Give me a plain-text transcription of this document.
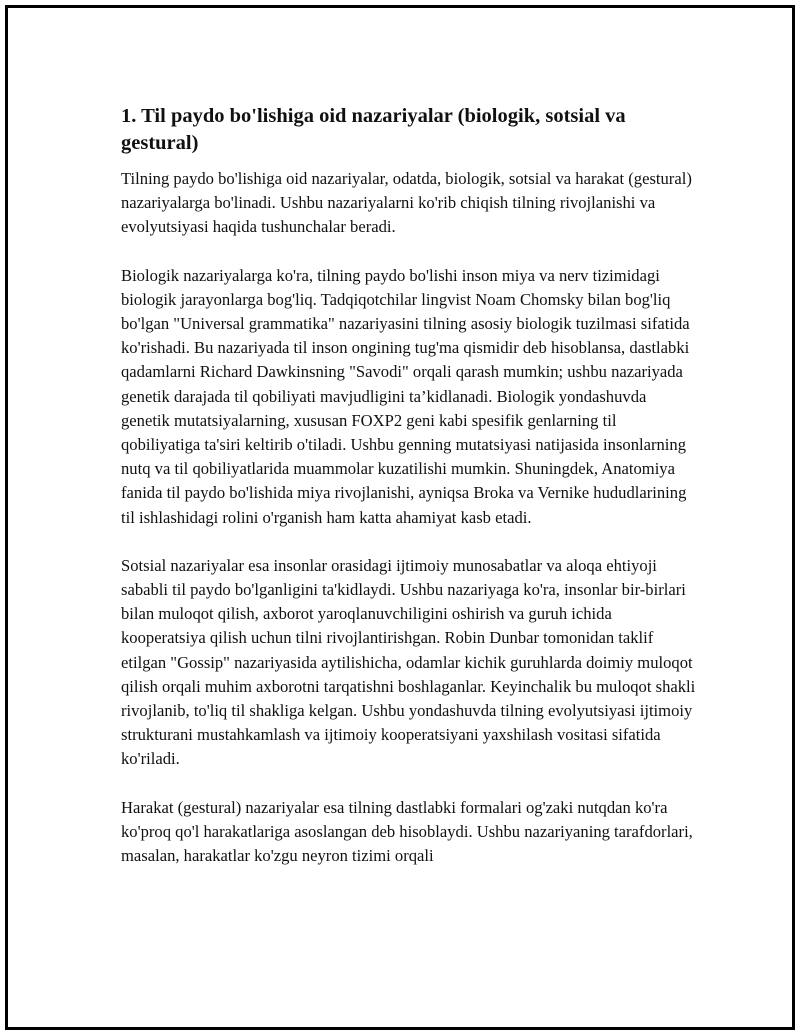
1. Til paydo bo'lishiga oid nazariyalar (biologik, sotsial va gestural)

Tilning paydo bo'lishiga oid nazariyalar, odatda, biologik, sotsial va harakat (gestural) nazariyalarga bo'linadi. Ushbu nazariyalarni ko'rib chiqish tilning rivojlanishi va evolyutsiyasi haqida tushunchalar beradi.

Biologik nazariyalarga ko'ra, tilning paydo bo'lishi inson miya va nerv tizimidagi biologik jarayonlarga bog'liq. Tadqiqotchilar lingvist Noam Chomsky bilan bog'liq bo'lgan "Universal grammatika" nazariyasini tilning asosiy biologik tuzilmasi sifatida ko'rishadi. Bu nazariyada til inson ongining tug'ma qismidir deb hisoblansa, dastlabki qadamlarni Richard Dawkinsning "Savodi" orqali qarash mumkin; ushbu nazariyada genetik darajada til qobiliyati mavjudligini ta’kidlanadi. Biologik yondashuvda genetik mutatsiyalarning, xususan FOXP2 geni kabi spesifik genlarning til qobiliyatiga ta'siri keltirib o'tiladi. Ushbu genning mutatsiyasi natijasida insonlarning nutq va til qobiliyatlarida muammolar kuzatilishi mumkin. Shuningdek, Anatomiya fanida til paydo bo'lishida miya rivojlanishi, ayniqsa Broka va Vernike hududlarining til ishlashidagi rolini o'rganish ham katta ahamiyat kasb etadi.

Sotsial nazariyalar esa insonlar orasidagi ijtimoiy munosabatlar va aloqa ehtiyoji sababli til paydo bo'lganligini ta'kidlaydi. Ushbu nazariyaga ko'ra, insonlar bir-birlari bilan muloqot qilish, axborot yaroqlanuvchiligini oshirish va guruh ichida kooperatsiya qilish uchun tilni rivojlantirishgan. Robin Dunbar tomonidan taklif etilgan "Gossip" nazariyasida aytilishicha, odamlar kichik guruhlarda doimiy muloqot qilish orqali muhim axborotni tarqatishni boshlaganlar. Keyinchalik bu muloqot shakli rivojlanib, to'liq til shakliga kelgan. Ushbu yondashuvda tilning evolyutsiyasi ijtimoiy strukturani mustahkamlash va ijtimoiy kooperatsiyani yaxshilash vositasi sifatida ko'riladi.

Harakat (gestural) nazariyalar esa tilning dastlabki formalari og'zaki nutqdan ko'ra ko'proq qo'l harakatlariga asoslangan deb hisoblaydi. Ushbu nazariyaning tarafdorlari, masalan, harakatlar ko'zgu neyron tizimi orqali
